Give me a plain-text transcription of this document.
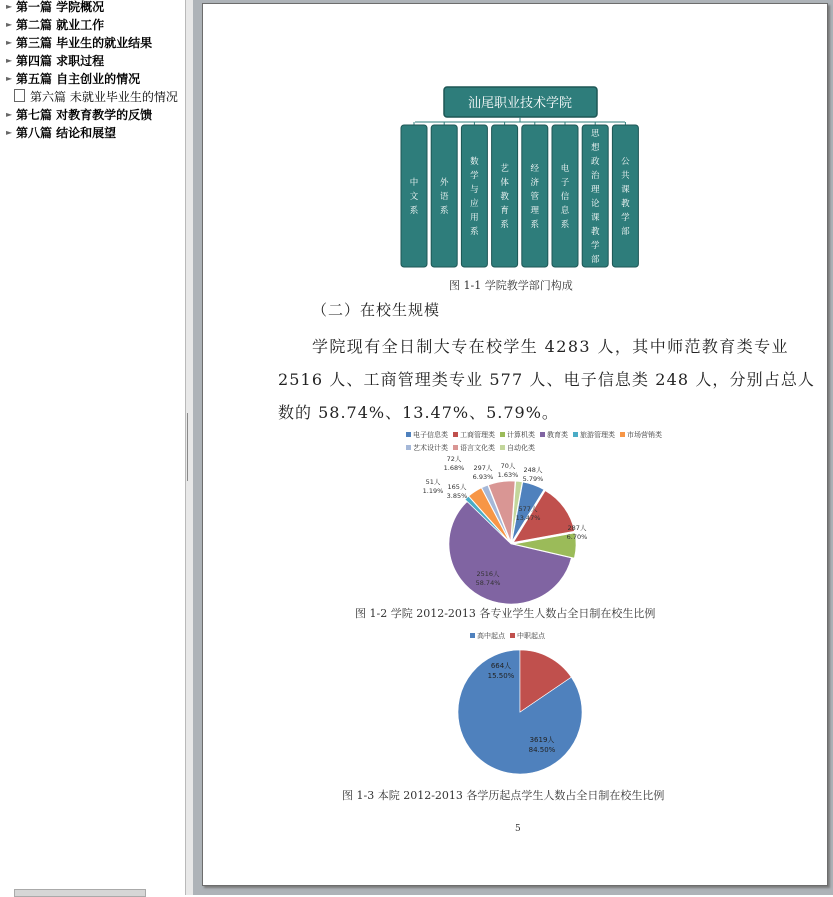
► 第一篇 学院概况
► 第二篇 就业工作
► 第三篇 毕业生的就业结果
► 第四篇 求职过程
► 第五篇 自主创业的情况
第六篇 未就业毕业生的情况
► 第七篇 对教育教学的反馈
► 第八篇 结论和展望
汕尾职业技术学院
中
文
系
外
语
系
数
学
与
应
用
系
艺
体
教
育
系
经
济
管
理
系
电
子
信
息
系
思
想
政
治
理
论
课
教
学
部
公
共
课
教
学
部
248人
5.79%
577人
13.47%
287人
6.70%
2516人
58.74%
51人
1.19% 165人
3.85%
72人
1.68% 297人
6.93%
70人
1.63%
3619人
84.50%
664人
15.50%
图 1-1 学院教学部门构成
（二）在校生规模
学院现有全日制大专在校学生 4283 人，其中师范教育类专业
2516 人、工商管理类专业 577 人、电子信息类 248 人，分别占总人
数的 58.74%、13.47%、5.79%。
电子信息类 工商管理类 计算机类 教育类 旅游管理类 市场营销类艺术设计类 语言文化类 自动化类
图 1-2 学院 2012-2013 各专业学生人数占全日制在校生比例
高中起点 中职起点
图 1-3 本院 2012-2013 各学历起点学生人数占全日制在校生比例
5
